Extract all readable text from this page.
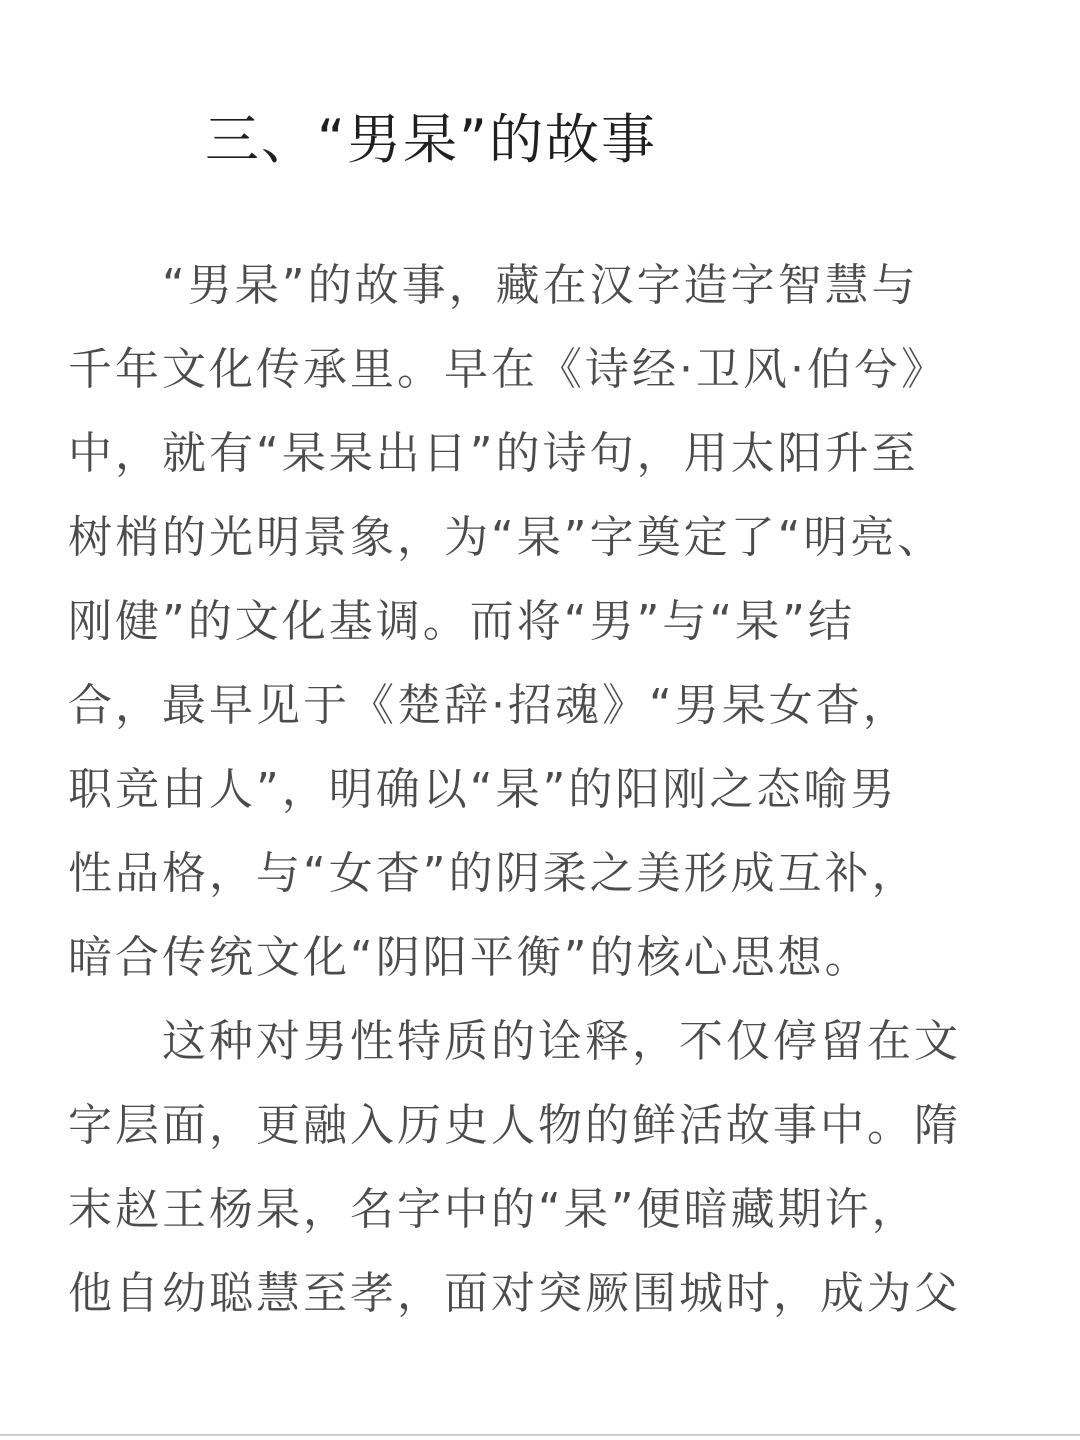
三、“男杲”的故事
　　“男杲”的故事，藏在汉字造字智慧与
千年文化传承里。早在《诗经·卫风·伯兮》
中，就有“杲杲出日”的诗句，用太阳升至
树梢的光明景象，为“杲”字奠定了“明亮、
刚健”的文化基调。而将“男”与“杲”结
合，最早见于《楚辞·招魂》“男杲女杳，
职竞由人”，明确以“杲”的阳刚之态喻男
性品格，与“女杳”的阴柔之美形成互补，
暗合传统文化“阴阳平衡”的核心思想。
　　这种对男性特质的诠释，不仅停留在文
字层面，更融入历史人物的鲜活故事中。隋
末赵王杨杲，名字中的“杲”便暗藏期许，
他自幼聪慧至孝，面对突厥围城时，成为父
